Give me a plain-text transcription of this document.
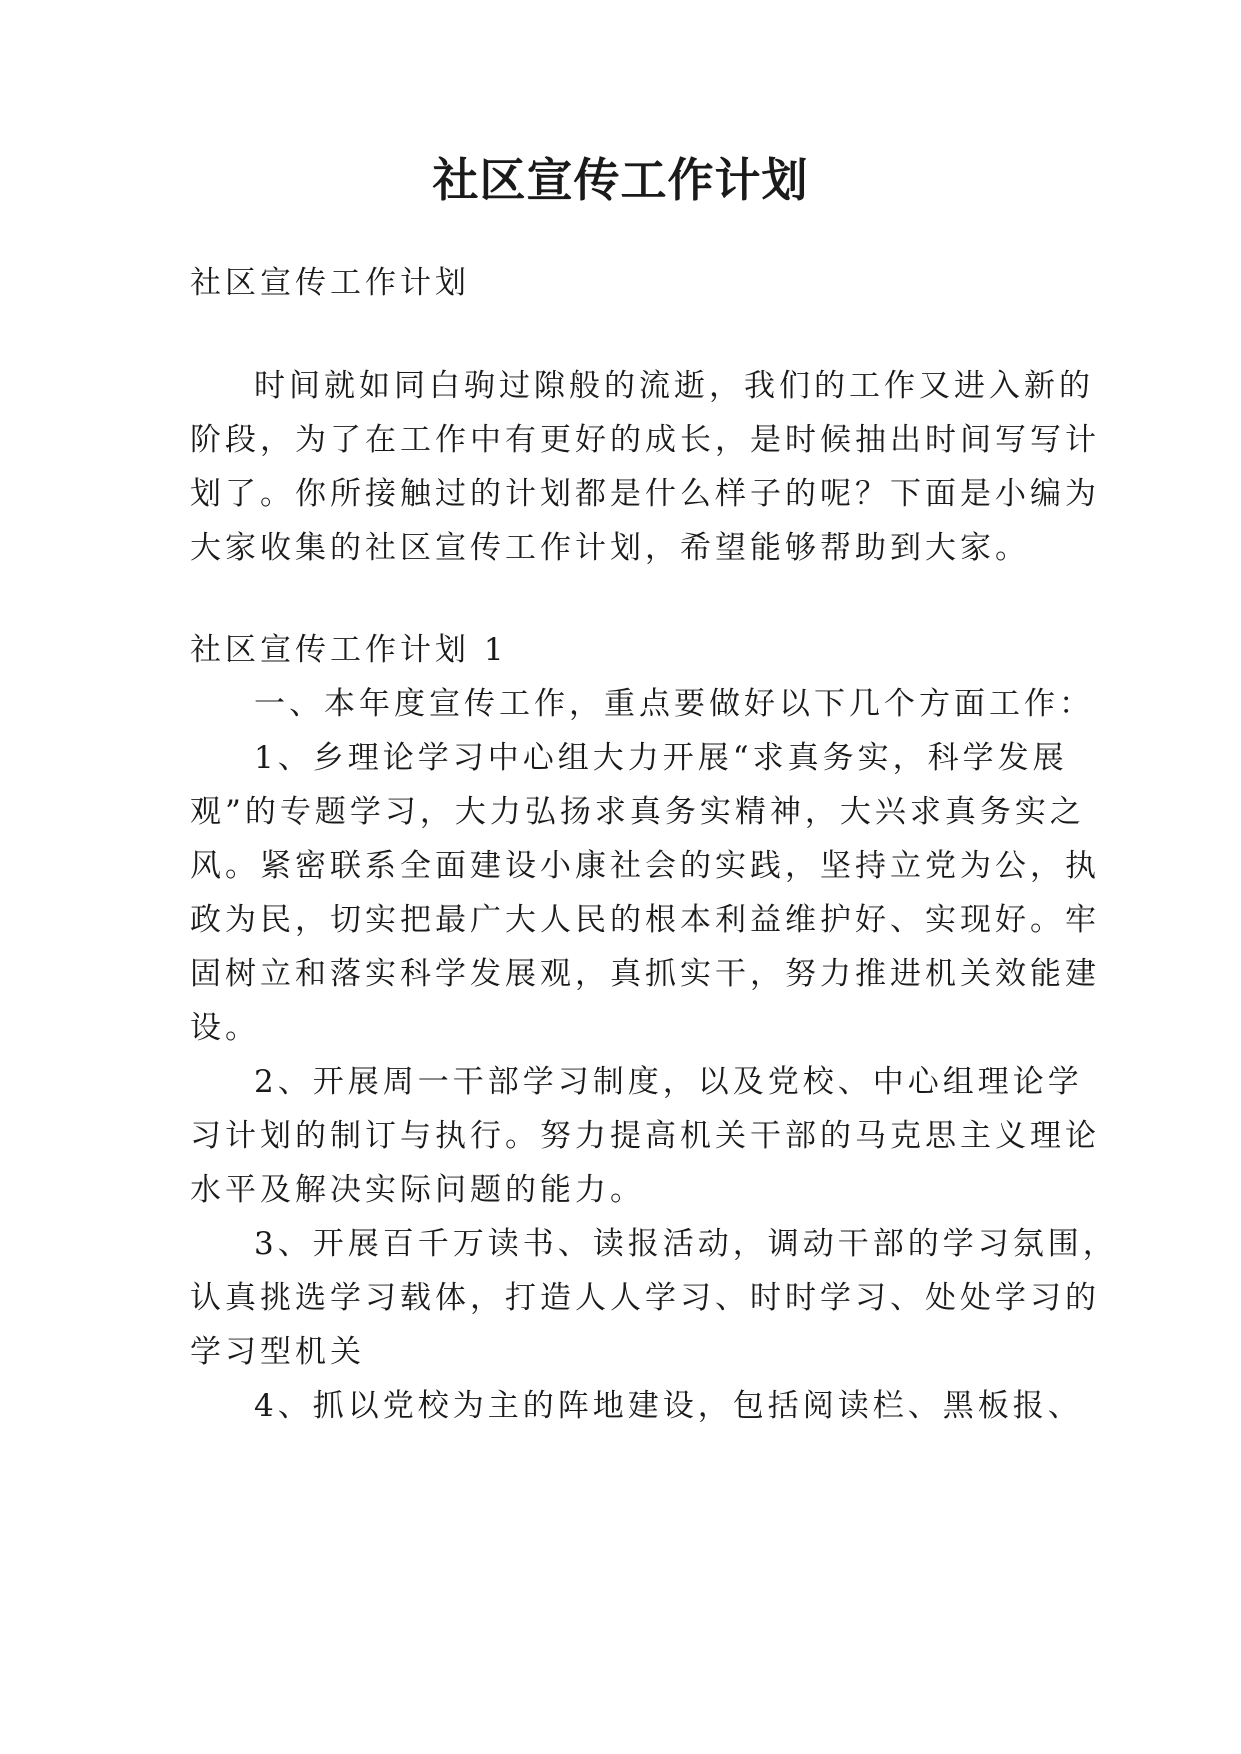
社区宣传工作计划

社区宣传工作计划

时间就如同白驹过隙般的流逝，我们的工作又进入新的

阶段，为了在工作中有更好的成长，是时候抽出时间写写计

划了。你所接触过的计划都是什么样子的呢？下面是小编为

大家收集的社区宣传工作计划，希望能够帮助到大家。

社区宣传工作计划 1

一、本年度宣传工作，重点要做好以下几个方面工作：

1、乡理论学习中心组大力开展“求真务实，科学发展

观”的专题学习，大力弘扬求真务实精神，大兴求真务实之

风。紧密联系全面建设小康社会的实践，坚持立党为公，执

政为民，切实把最广大人民的根本利益维护好、实现好。牢

固树立和落实科学发展观，真抓实干，努力推进机关效能建

设。

2、开展周一干部学习制度，以及党校、中心组理论学

习计划的制订与执行。努力提高机关干部的马克思主义理论

水平及解决实际问题的能力。

3、开展百千万读书、读报活动，调动干部的学习氛围，

认真挑选学习载体，打造人人学习、时时学习、处处学习的

学习型机关

4、抓以党校为主的阵地建设，包括阅读栏、黑板报、
